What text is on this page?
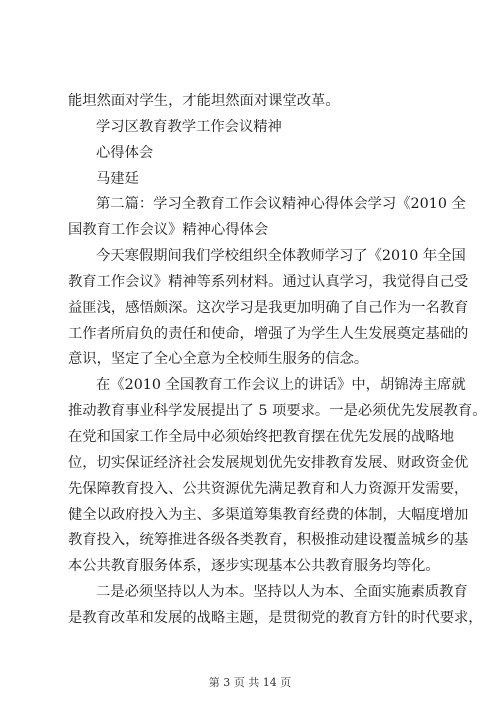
能坦然面对学生，才能坦然面对课堂改革。
学习区教育教学工作会议精神
心得体会
马建廷
第二篇：学习全教育工作会议精神心得体会学习《2010 全
国教育工作会议》精神心得体会
今天寒假期间我们学校组织全体教师学习了《2010 年全国
教育工作会议》精神等系列材料。通过认真学习，我觉得自己受
益匪浅，感悟颇深。这次学习是我更加明确了自己作为一名教育
工作者所肩负的责任和使命，增强了为学生人生发展奠定基础的
意识，坚定了全心全意为全校师生服务的信念。
在《2010 全国教育工作会议上的讲话》中，胡锦涛主席就
推动教育事业科学发展提出了 5 项要求。一是必须优先发展教育。
在党和国家工作全局中必须始终把教育摆在优先发展的战略地
位，切实保证经济社会发展规划优先安排教育发展、财政资金优
先保障教育投入、公共资源优先满足教育和人力资源开发需要，
健全以政府投入为主、多渠道筹集教育经费的体制，大幅度增加
教育投入，统筹推进各级各类教育，积极推动建设覆盖城乡的基
本公共教育服务体系，逐步实现基本公共教育服务均等化。
二是必须坚持以人为本。坚持以人为本、全面实施素质教育
是教育改革和发展的战略主题，是贯彻党的教育方针的时代要求，
第 3 页 共 14 页
